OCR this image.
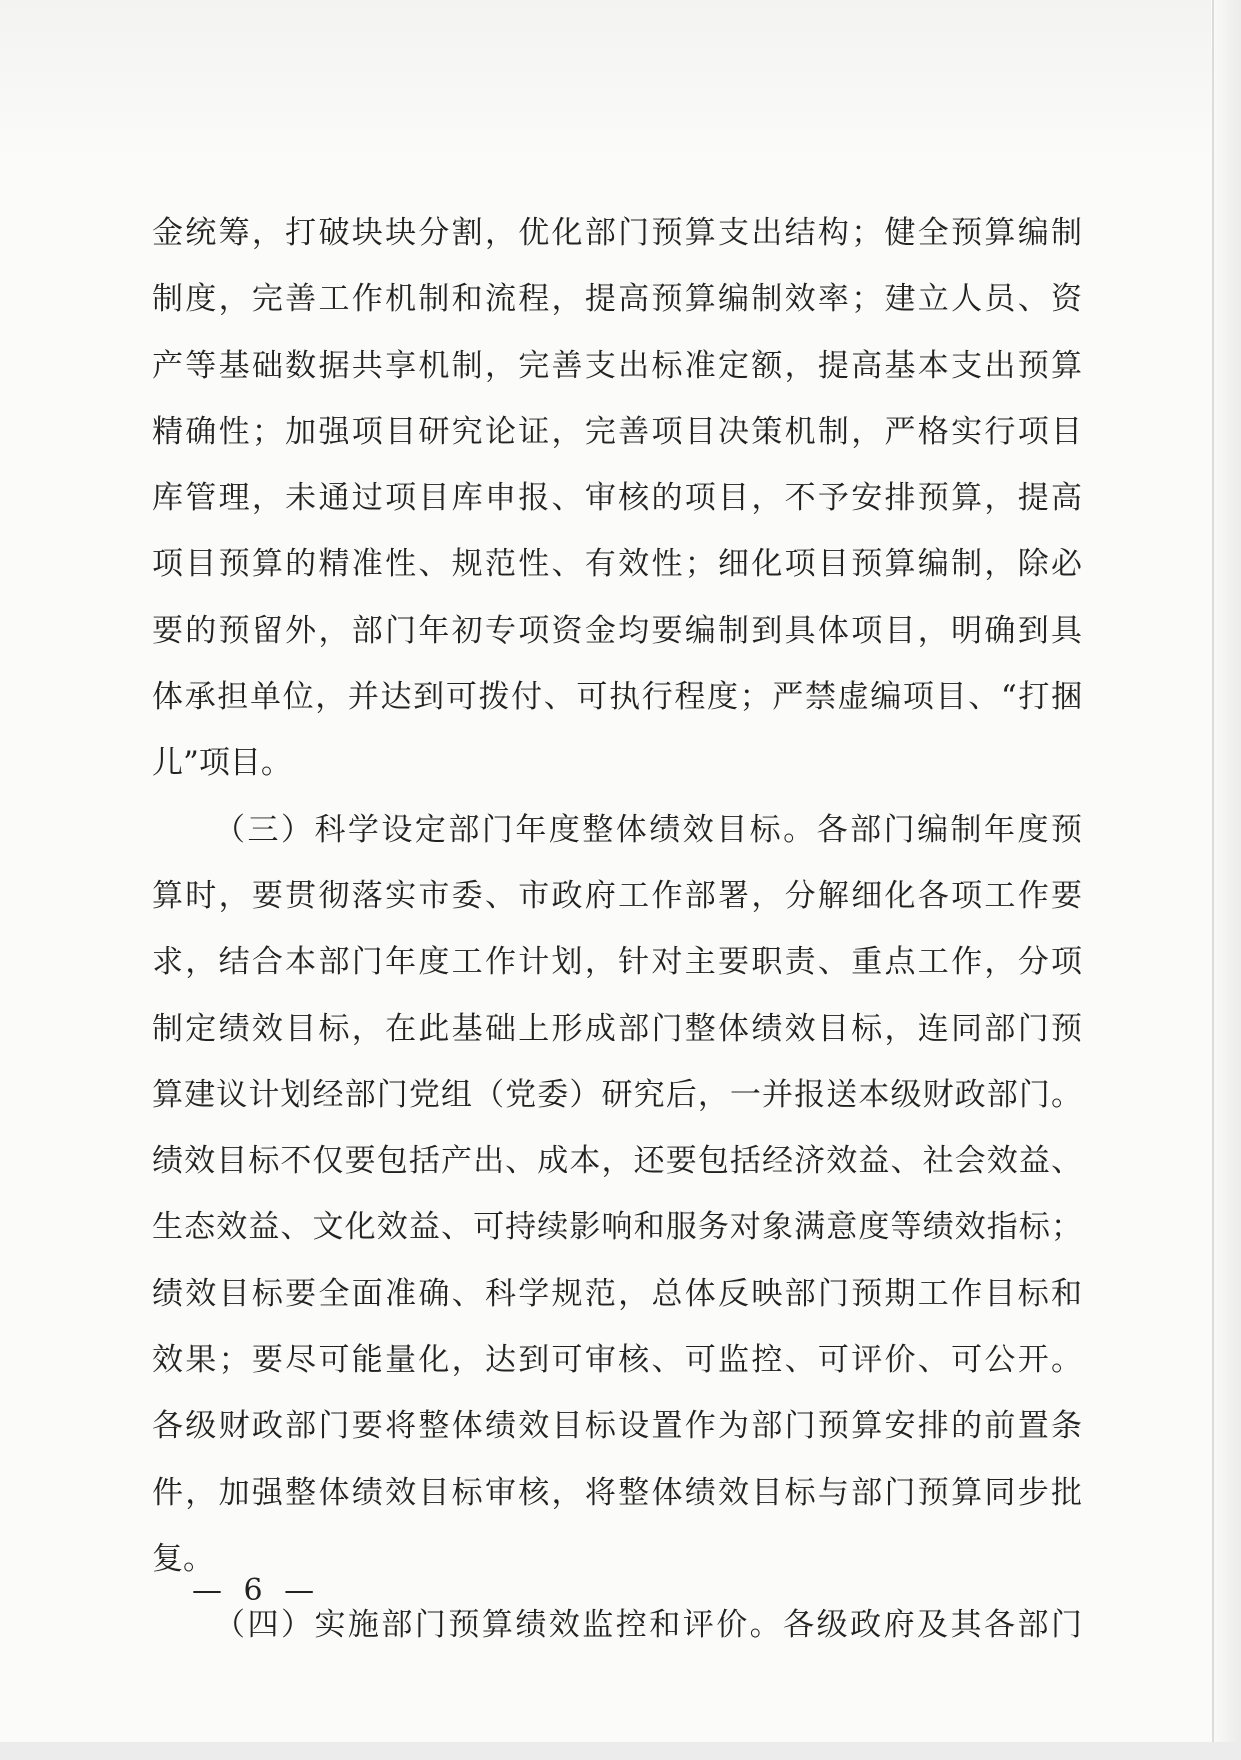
金统筹，打破块块分割，优化部门预算支出结构；健全预算编制
制度，完善工作机制和流程，提高预算编制效率；建立人员、资
产等基础数据共享机制，完善支出标准定额，提高基本支出预算
精确性；加强项目研究论证，完善项目决策机制，严格实行项目
库管理，未通过项目库申报、审核的项目，不予安排预算，提高
项目预算的精准性、规范性、有效性；细化项目预算编制，除必
要的预留外，部门年初专项资金均要编制到具体项目，明确到具
体承担单位，并达到可拨付、可执行程度；严禁虚编项目、“打捆
儿”项目。
（三）科学设定部门年度整体绩效目标。各部门编制年度预
算时，要贯彻落实市委、市政府工作部署，分解细化各项工作要
求，结合本部门年度工作计划，针对主要职责、重点工作，分项
制定绩效目标，在此基础上形成部门整体绩效目标，连同部门预
算建议计划经部门党组（党委）研究后，一并报送本级财政部门。
绩效目标不仅要包括产出、成本，还要包括经济效益、社会效益、
生态效益、文化效益、可持续影响和服务对象满意度等绩效指标；
绩效目标要全面准确、科学规范，总体反映部门预期工作目标和
效果；要尽可能量化，达到可审核、可监控、可评价、可公开。
各级财政部门要将整体绩效目标设置作为部门预算安排的前置条
件，加强整体绩效目标审核，将整体绩效目标与部门预算同步批
复。
（四）实施部门预算绩效监控和评价。各级政府及其各部门
— 6 —
